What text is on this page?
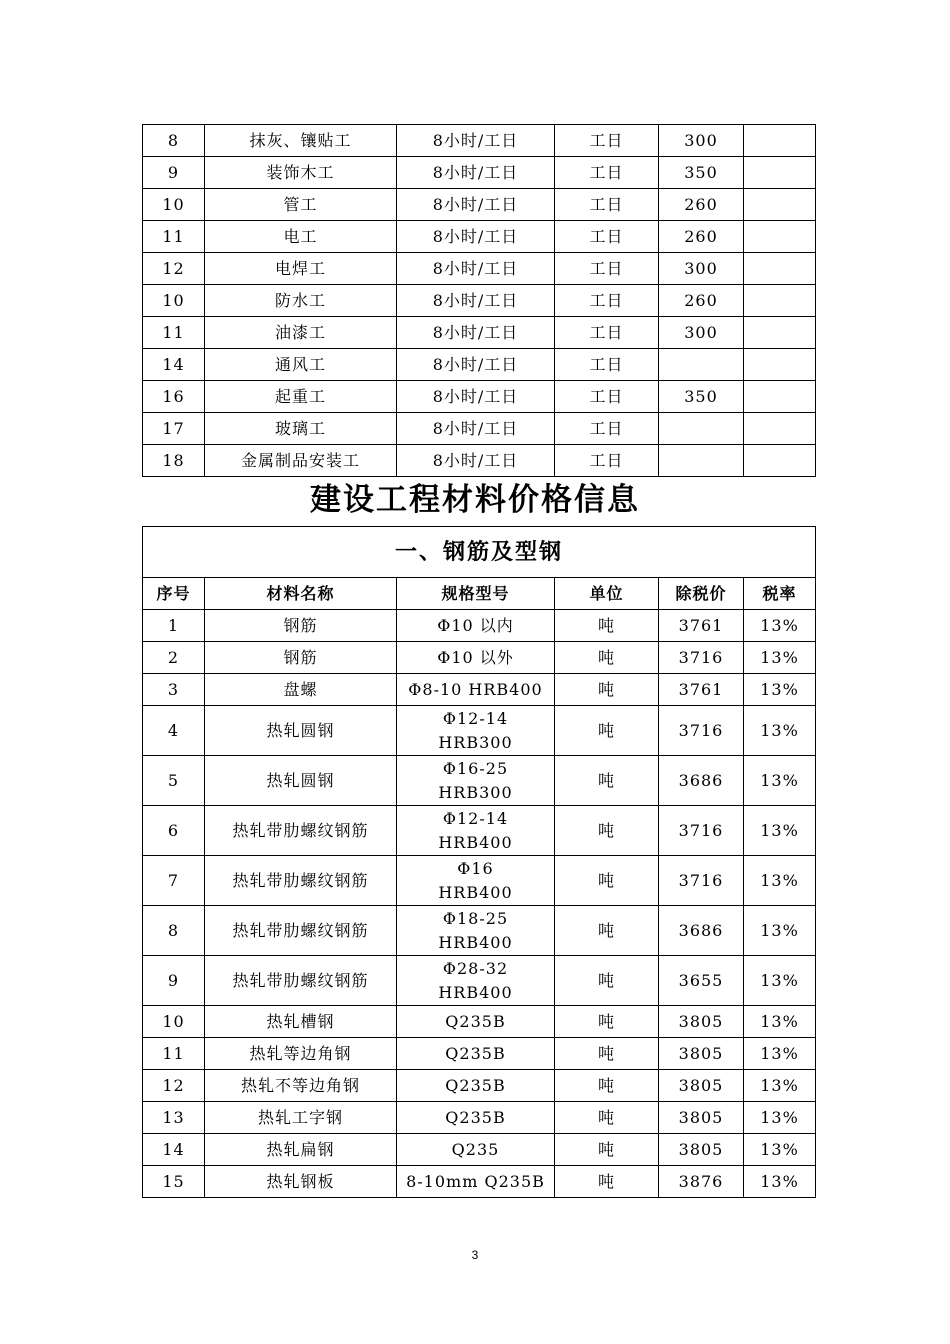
8	抹灰、镶贴工	8小时/工日	工日	300	
9	装饰木工	8小时/工日	工日	350	
10	管工	8小时/工日	工日	260	
11	电工	8小时/工日	工日	260	
12	电焊工	8小时/工日	工日	300	
10	防水工	8小时/工日	工日	260	
11	油漆工	8小时/工日	工日	300	
14	通风工	8小时/工日	工日		
16	起重工	8小时/工日	工日	350	
17	玻璃工	8小时/工日	工日		
18	金属制品安装工	8小时/工日	工日		
建设工程材料价格信息
一、钢筋及型钢					
序号	材料名称	规格型号	单位	除税价	税率
1	钢筋	Φ10 以内	吨	3761	13%
2	钢筋	Φ10 以外	吨	3716	13%
3	盘螺	Φ8-10 HRB400	吨	3761	13%
4	热轧圆钢	Φ12-14
HRB300	吨	3716	13%
5	热轧圆钢	Φ16-25
HRB300	吨	3686	13%
6	热轧带肋螺纹钢筋	Φ12-14
HRB400	吨	3716	13%
7	热轧带肋螺纹钢筋	Φ16
HRB400	吨	3716	13%
8	热轧带肋螺纹钢筋	Φ18-25
HRB400	吨	3686	13%
9	热轧带肋螺纹钢筋	Φ28-32
HRB400	吨	3655	13%
10	热轧槽钢	Q235B	吨	3805	13%
11	热轧等边角钢	Q235B	吨	3805	13%
12	热轧不等边角钢	Q235B	吨	3805	13%
13	热轧工字钢	Q235B	吨	3805	13%
14	热轧扁钢	Q235	吨	3805	13%
15	热轧钢板	8-10mm Q235B	吨	3876	13%
3
